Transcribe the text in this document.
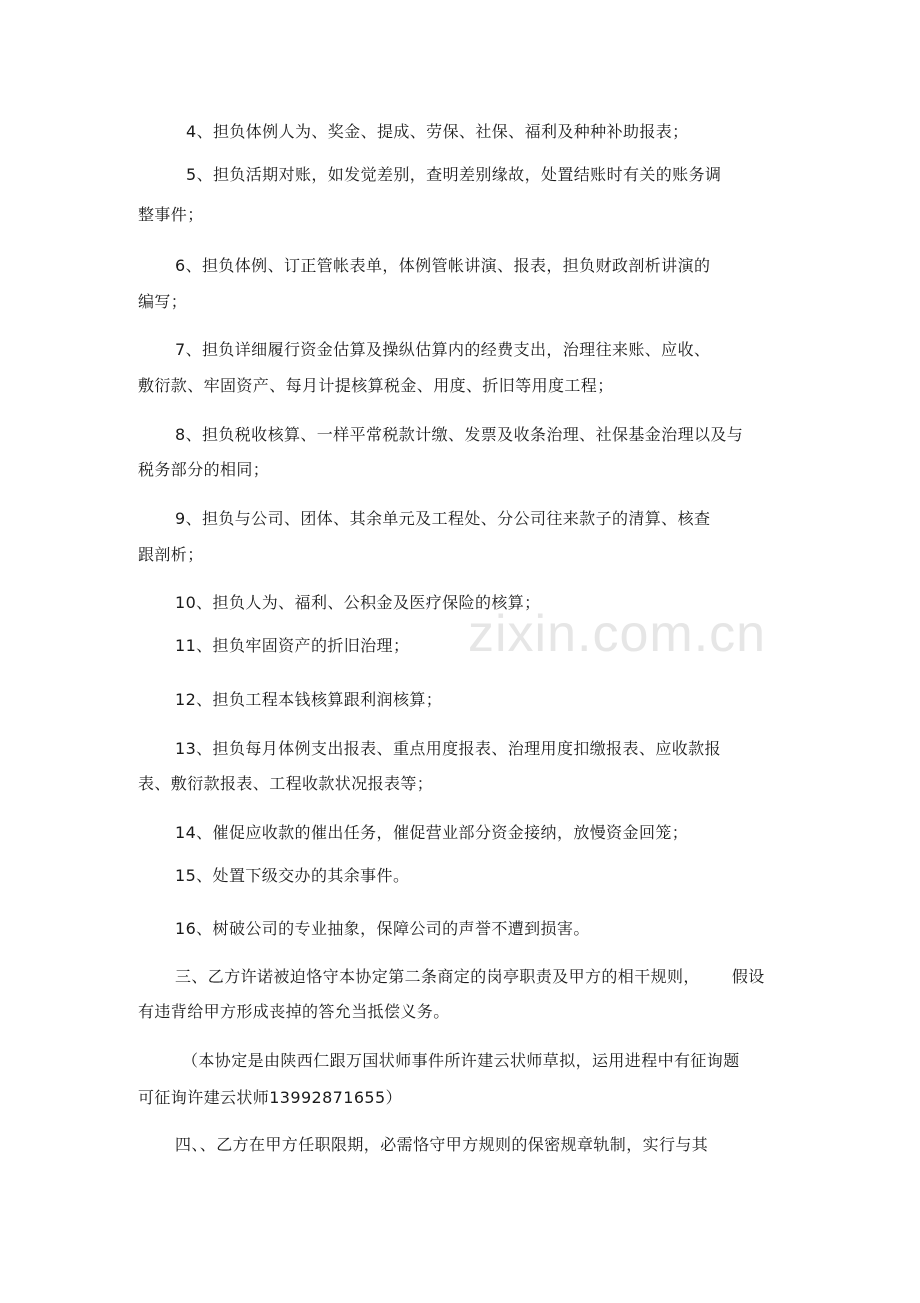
zixin.com.cn
4、担负体例人为、奖金、提成、劳保、社保、福利及种种补助报表；
5、担负活期对账，如发觉差别，查明差别缘故，处置结账时有关的账务调
整事件；
6、担负体例、订正管帐表单，体例管帐讲演、报表，担负财政剖析讲演的
编写；
7、担负详细履行资金估算及操纵估算内的经费支出，治理往来账、应收、
敷衍款、牢固资产、每月计提核算税金、用度、折旧等用度工程；
8、担负税收核算、一样平常税款计缴、发票及收条治理、社保基金治理以及与
税务部分的相同；
9、担负与公司、团体、其余单元及工程处、分公司往来款子的清算、核查
跟剖析；
10、担负人为、福利、公积金及医疗保险的核算；
11、担负牢固资产的折旧治理；
12、担负工程本钱核算跟利润核算；
13、担负每月体例支出报表、重点用度报表、治理用度扣缴报表、应收款报
表、敷衍款报表、工程收款状况报表等；
14、催促应收款的催出任务，催促营业部分资金接纳，放慢资金回笼；
15、处置下级交办的其余事件。
16、树破公司的专业抽象，保障公司的声誉不遭到损害。
三、乙方许诺被迫恪守本协定第二条商定的岗亭职责及甲方的相干规则， 假设
有违背给甲方形成丧掉的答允当抵偿义务。
（本协定是由陕西仁跟万国状师事件所许建云状师草拟，运用进程中有征询题
可征询许建云状师13992871655）
四、、乙方在甲方任职限期，必需恪守甲方规则的保密规章轨制，实行与其
